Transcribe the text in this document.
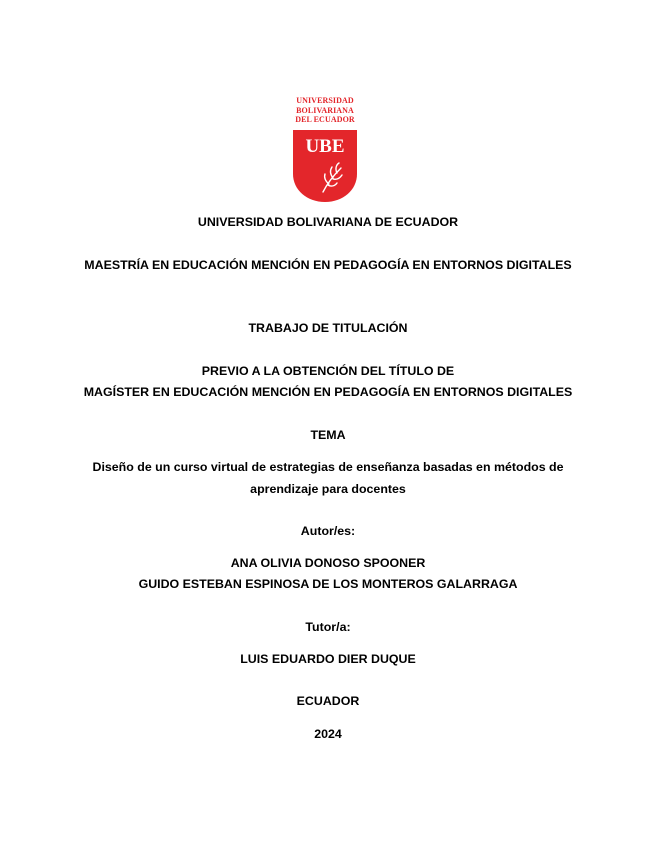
UNIVERSIDAD
BOLIVARIANA
DEL ECUADOR
UBE
UNIVERSIDAD BOLIVARIANA DE ECUADOR
MAESTRÍA EN EDUCACIÓN MENCIÓN EN PEDAGOGÍA EN ENTORNOS DIGITALES
TRABAJO DE TITULACIÓN
PREVIO A LA OBTENCIÓN DEL TÍTULO DE
MAGÍSTER EN EDUCACIÓN MENCIÓN EN PEDAGOGÍA EN ENTORNOS DIGITALES
TEMA
Diseño de un curso virtual de estrategias de enseñanza basadas en métodos de
aprendizaje para docentes
Autor/es:
ANA OLIVIA DONOSO SPOONER
GUIDO ESTEBAN ESPINOSA DE LOS MONTEROS GALARRAGA
Tutor/a:
LUIS EDUARDO DIER DUQUE
ECUADOR
2024
